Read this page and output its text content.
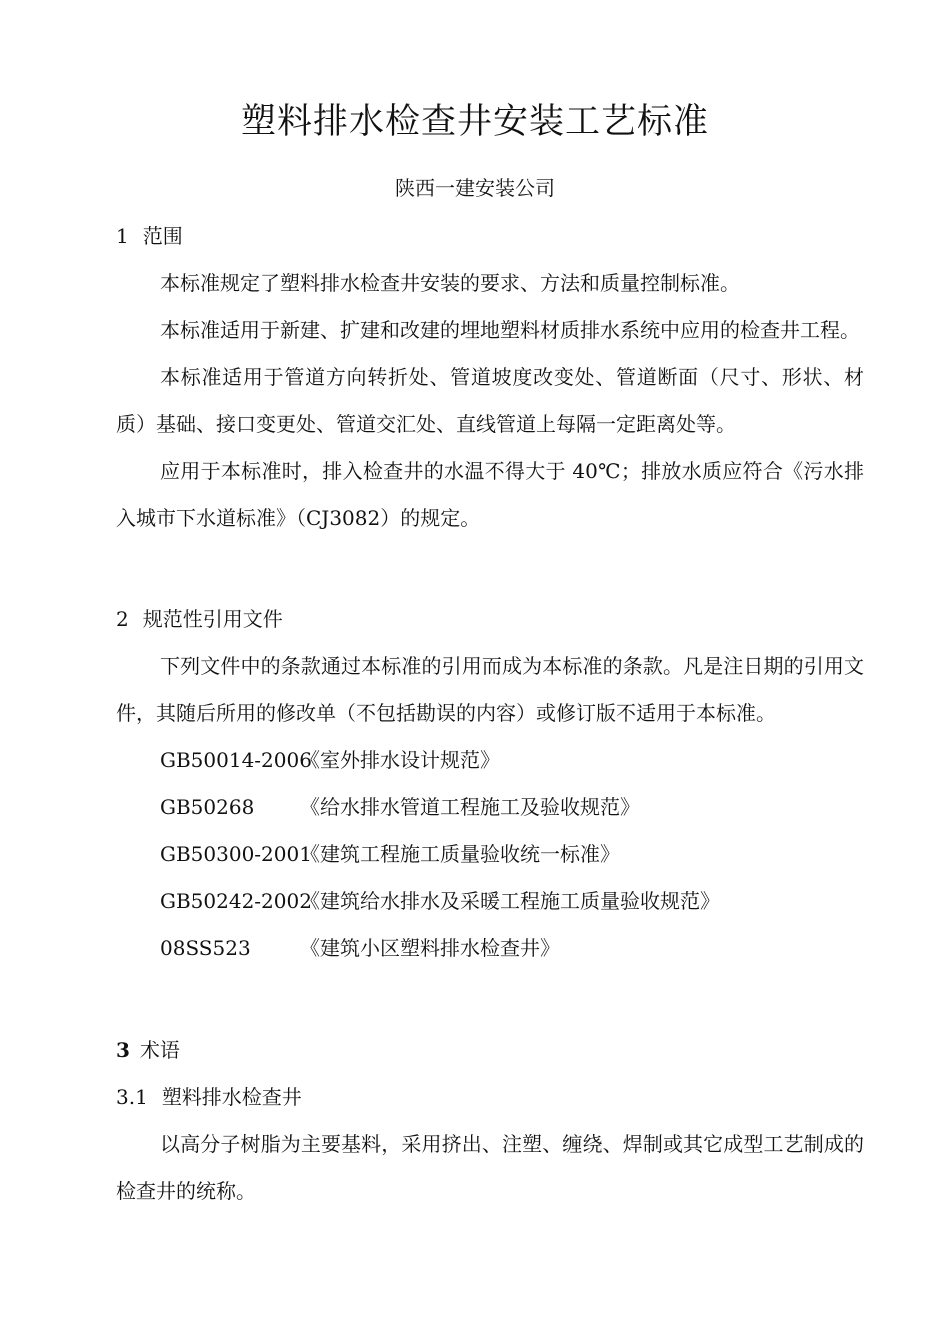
塑料排水检查井安装工艺标准
陕西一建安装公司
1 范围
本标准规定了塑料排水检查井安装的要求、方法和质量控制标准。
本标准适用于新建、扩建和改建的埋地塑料材质排水系统中应用的检查井工程。
本标准适用于管道方向转折处、管道坡度改变处、管道断面（尺寸、形状、材质）基础、接口变更处、管道交汇处、直线管道上每隔一定距离处等。
应用于本标准时，排入检查井的水温不得大于 40℃；排放水质应符合《污水排入城市下水道标准》（CJ3082）的规定。
2 规范性引用文件
下列文件中的条款通过本标准的引用而成为本标准的条款。凡是注日期的引用文件，其随后所用的修改单（不包括勘误的内容）或修订版不适用于本标准。
GB50014-2006《室外排水设计规范》
GB50268 《给水排水管道工程施工及验收规范》
GB50300-2001《建筑工程施工质量验收统一标准》
GB50242-2002《建筑给水排水及采暖工程施工质量验收规范》
08SS523 《建筑小区塑料排水检查井》
3 术语
3.1 塑料排水检查井
以高分子树脂为主要基料，采用挤出、注塑、缠绕、焊制或其它成型工艺制成的检查井的统称。
